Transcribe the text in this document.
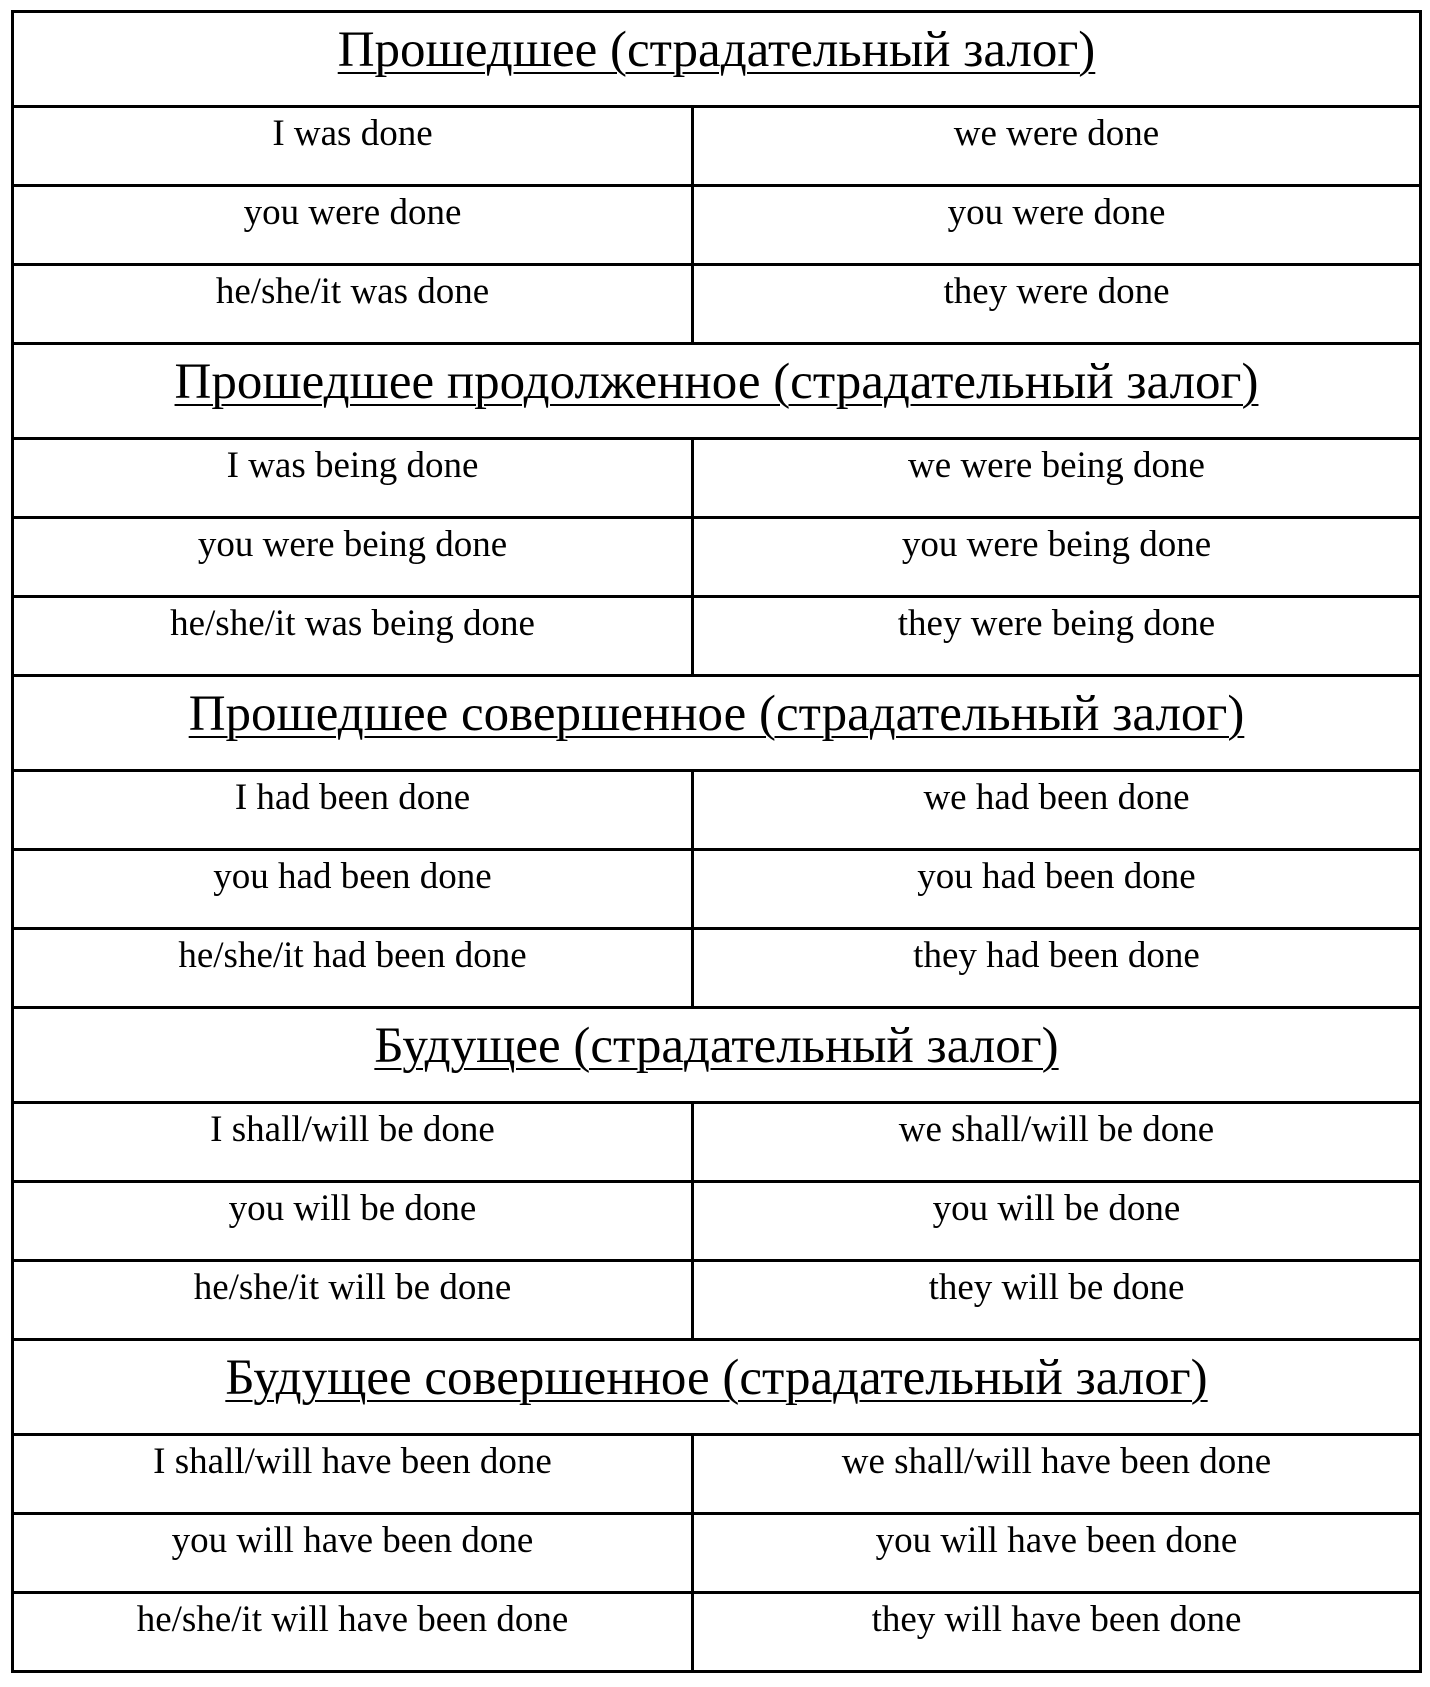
Прошедшее (страдательный залог)	
I was done	we were done
you were done	you were done
he/she/it was done	they were done
Прошедшее продолженное (страдательный залог)	
I was being done	we were being done
you were being done	you were being done
he/she/it was being done	they were being done
Прошедшее совершенное (страдательный залог)	
I had been done	we had been done
you had been done	you had been done
he/she/it had been done	they had been done
Будущее (страдательный залог)	
I shall/will be done	we shall/will be done
you will be done	you will be done
he/she/it will be done	they will be done
Будущее совершенное (страдательный залог)	
I shall/will have been done	we shall/will have been done
you will have been done	you will have been done
he/she/it will have been done	they will have been done
